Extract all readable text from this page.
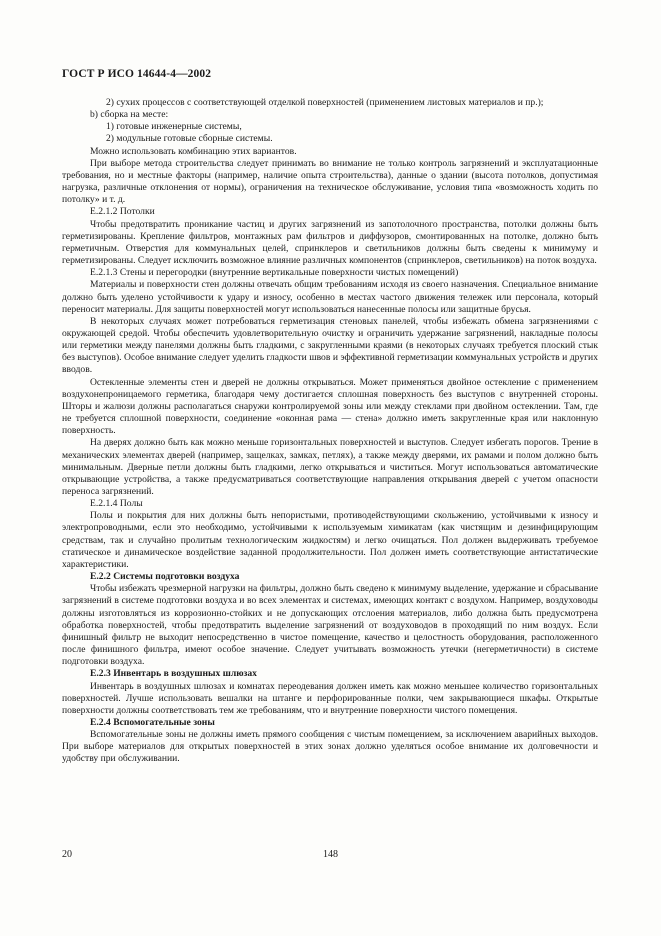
ГОСТ Р ИСО 14644-4—2002

2) сухих процессов с соответствующей отделкой поверхностей (применением листовых материалов и пр.);

b) сборка на месте:

1) готовые инженерные системы,

2) модульные готовые сборные системы.

Можно использовать комбинацию этих вариантов.

При выборе метода строительства следует принимать во внимание не только контроль загрязнений и эксплуатационные требования, но и местные факторы (например, наличие опыта строительства), данные о здании (высота потолков, допустимая нагрузка, различные отклонения от нормы), ограничения на техническое обслуживание, условия типа «возможность ходить по потолку» и т. д.

Е.2.1.2 Потолки

Чтобы предотвратить проникание частиц и других загрязнений из запотолочного пространства, потолки должны быть герметизированы. Крепление фильтров, монтажных рам фильтров и диффузоров, смонтированных на потолке, должно быть герметичным. Отверстия для коммунальных целей, спринклеров и светильников должны быть сведены к минимуму и герметизированы. Следует исключить возможное влияние различных компонентов (спринклеров, светильников) на поток воздуха.

Е.2.1.3 Стены и перегородки (внутренние вертикальные поверхности чистых помещений)

Материалы и поверхности стен должны отвечать общим требованиям исходя из своего назначения. Специальное внимание должно быть уделено устойчивости к удару и износу, особенно в местах частого движения тележек или персонала, который переносит материалы. Для защиты поверхностей могут использоваться нанесенные полосы или защитные брусья.

В некоторых случаях может потребоваться герметизация стеновых панелей, чтобы избежать обмена загрязнениями с окружающей средой. Чтобы обеспечить удовлетворительную очистку и ограничить удержание загрязнений, накладные полосы или герметики между панелями должны быть гладкими, с закругленными краями (в некоторых случаях требуется плоский стык без выступов). Особое внимание следует уделить гладкости швов и эффективной герметизации коммунальных устройств и других вводов.

Остекленные элементы стен и дверей не должны открываться. Может применяться двойное остекление с применением воздухонепроницаемого герметика, благодаря чему достигается сплошная поверхность без выступов с внутренней стороны. Шторы и жалюзи должны располагаться снаружи контролируемой зоны или между стеклами при двойном остеклении. Там, где не требуется сплошной поверхности, соединение «оконная рама — стена» должно иметь закругленные края или наклонную поверхность.

На дверях должно быть как можно меньше горизонтальных поверхностей и выступов. Следует избегать порогов. Трение в механических элементах дверей (например, защелках, замках, петлях), а также между дверями, их рамами и полом должно быть минимальным. Дверные петли должны быть гладкими, легко открываться и чиститься. Могут использоваться автоматические открывающие устройства, а также предусматриваться соответствующие направления открывания дверей с учетом опасности переноса загрязнений.

Е.2.1.4 Полы

Полы и покрытия для них должны быть непористыми, противодействующими скольжению, устойчивыми к износу и электропроводными, если это необходимо, устойчивыми к используемым химикатам (как чистящим и дезинфицирующим средствам, так и случайно пролитым технологическим жидкостям) и легко очищаться. Пол должен выдерживать требуемое статическое и динамическое воздействие заданной продолжительности. Пол должен иметь соответствующие антистатические характеристики.

Е.2.2 Системы подготовки воздуха

Чтобы избежать чрезмерной нагрузки на фильтры, должно быть сведено к минимуму выделение, удержание и сбрасывание загрязнений в системе подготовки воздуха и во всех элементах и системах, имеющих контакт с воздухом. Например, воздуховоды должны изготовляться из коррозионно-стойких и не допускающих отслоения материалов, либо должна быть предусмотрена обработка поверхностей, чтобы предотвратить выделение загрязнений от воздуховодов в проходящий по ним воздух. Если финишный фильтр не выходит непосредственно в чистое помещение, качество и целостность оборудования, расположенного после финишного фильтра, имеют особое значение. Следует учитывать возможность утечки (негерметичности) в системе подготовки воздуха.

Е.2.3 Инвентарь в воздушных шлюзах

Инвентарь в воздушных шлюзах и комнатах переодевания должен иметь как можно меньшее количество горизонтальных поверхностей. Лучше использовать вешалки на штанге и перфорированные полки, чем закрывающиеся шкафы. Открытые поверхности должны соответствовать тем же требованиям, что и внутренние поверхности чистого помещения.

Е.2.4 Вспомогательные зоны

Вспомогательные зоны не должны иметь прямого сообщения с чистым помещением, за исключением аварийных выходов. При выборе материалов для открытых поверхностей в этих зонах должно уделяться особое внимание их долговечности и удобству при обслуживании.

20	148
